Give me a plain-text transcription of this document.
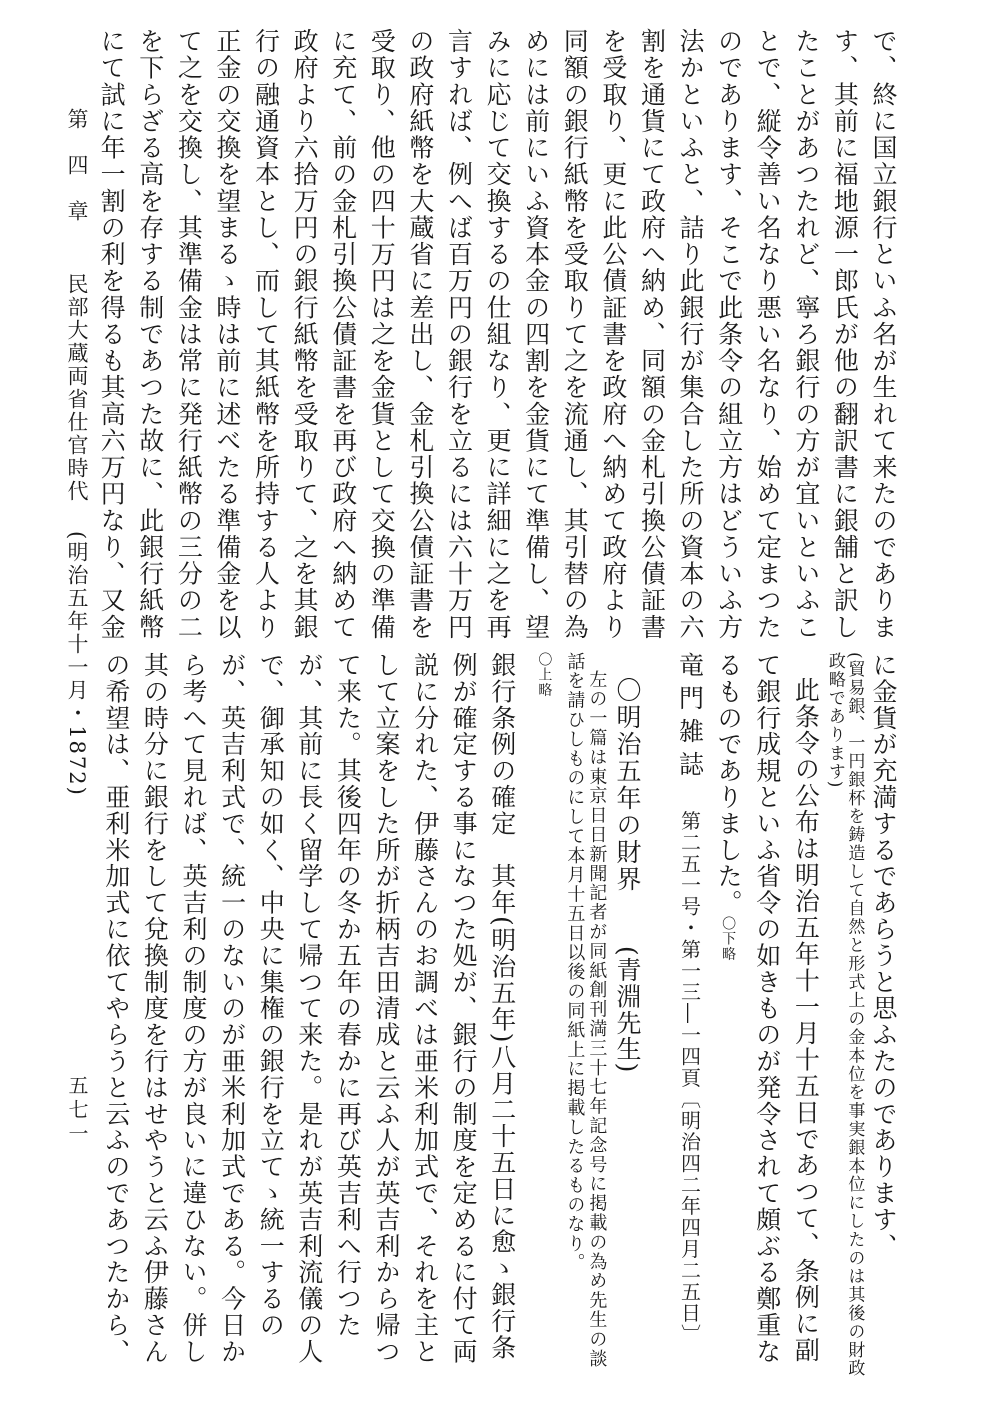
第　四　章民部大蔵両省仕官時代(明治五年十一月・1872)
五七一

で、終に国立銀行といふ名が生れて来たのであります、其前に福地源一郎氏が他の翻訳書に銀舗と訳したことがあつたれど、寧ろ銀行の方が宜いといふことで、縦令善い名なり悪い名なり、始めて定まつたのであります、そこで此条令の組立方はどういふ方法かといふと、詰り此銀行が集合した所の資本の六割を通貨にて政府へ納め、同額の金札引換公債証書を受取り、更に此公債証書を政府へ納めて政府より同額の銀行紙幣を受取りて之を流通し、其引替の為めには前にいふ資本金の四割を金貨にて準備し、望みに応じて交換するの仕組なり、更に詳細に之を再言すれば、例へば百万円の銀行を立るには六十万円の政府紙幣を大蔵省に差出し、金札引換公債証書を受取り、他の四十万円は之を金貨として交換の準備に充て、前の金札引換公債証書を再び政府へ納めて政府より六拾万円の銀行紙幣を受取りて、之を其銀行の融通資本とし、而して其紙幣を所持する人より正金の交換を望まるゝ時は前に述べたる準備金を以て之を交換し、其準備金は常に発行紙幣の三分の二を下らざる高を存する制であつた故に、此銀行紙幣にて試に年一割の利を得るも其高六万円なり、又金

に金貨が充満するであらうと思ふたのであります、(貿易銀、一円銀杯を鋳造して自然と形式上の金本位を事実銀本位にしたのは其後の財政政略であります)

此条令の公布は明治五年十一月十五日であつて、条例に副て銀行成規といふ省令の如きものが発令されて頗ぶる鄭重なるものでありました。〇下略

竜門雑誌　第二五一号・第一三―一四頁〔明治四二年四月二五日〕

〇明治五年の財界　　(青淵先生)

左の一篇は東京日日新聞記者が同紙創刊満三十七年記念号に掲載の為め先生の談話を請ひしものにして本月十五日以後の同紙上に掲載したるものなり。

〇上略

銀行条例の確定　其年(明治五年)八月二十五日に愈ゝ銀行条例が確定する事になつた処が、銀行の制度を定めるに付て両説に分れた、伊藤さんのお調べは亜米利加式で、それを主として立案をした所が折柄吉田清成と云ふ人が英吉利から帰つて来た。其後四年の冬か五年の春かに再び英吉利へ行つたが、其前に長く留学して帰つて来た。是れが英吉利流儀の人で、御承知の如く、中央に集権の銀行を立てゝ統一するのが、英吉利式で、統一のないのが亜米利加式である。今日から考へて見れば、英吉利の制度の方が良いに違ひない。併し其の時分に銀行をして兌換制度を行はせやうと云ふ伊藤さんの希望は、亜利米加式に依てやらうと云ふのであつたから、
